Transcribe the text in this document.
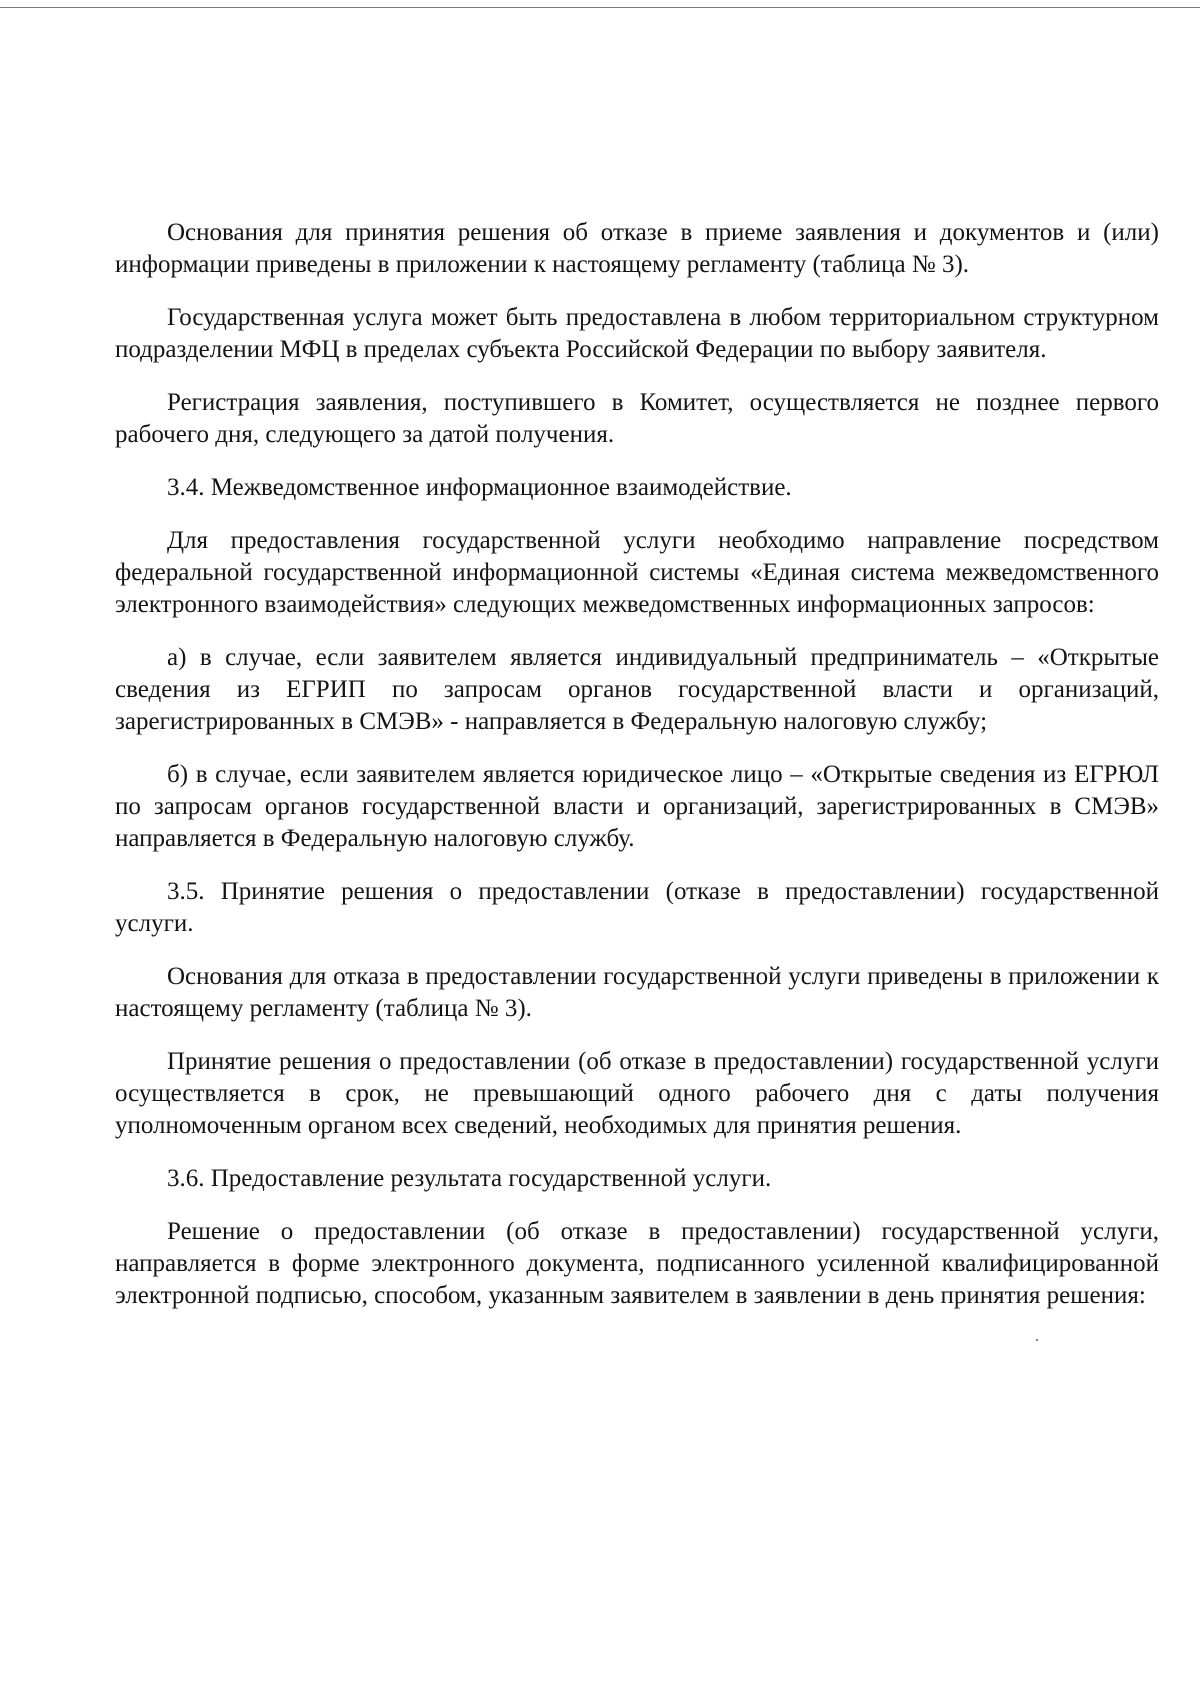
Основания для принятия решения об отказе в приеме заявления и документов и (или) информации приведены в приложении к настоящему регламенту (таблица № 3).

Государственная услуга может быть предоставлена в любом территориальном структурном подразделении МФЦ в пределах субъекта Российской Федерации по выбору заявителя.

Регистрация заявления, поступившего в Комитет, осуществляется не позднее первого рабочего дня, следующего за датой получения.

3.4. Межведомственное информационное взаимодействие.

Для предоставления государственной услуги необходимо направление посредством федеральной государственной информационной системы «Единая система межведомственного электронного взаимодействия» следующих межведомственных информационных запросов:

а) в случае, если заявителем является индивидуальный предприниматель – «Открытые сведения из ЕГРИП по запросам органов государственной власти и организаций, зарегистрированных в СМЭВ» - направляется в Федеральную налоговую службу;

б) в случае, если заявителем является юридическое лицо – «Открытые сведения из ЕГРЮЛ по запросам органов государственной власти и организаций, зарегистрированных в СМЭВ» направляется в Федеральную налоговую службу.

3.5. Принятие решения о предоставлении (отказе в предоставлении) государственной услуги.

Основания для отказа в предоставлении государственной услуги приведены в приложении к настоящему регламенту (таблица № 3).

Принятие решения о предоставлении (об отказе в предоставлении) государственной услуги осуществляется в срок, не превышающий одного рабочего дня с даты получения уполномоченным органом всех сведений, необходимых для принятия решения.

3.6. Предоставление результата государственной услуги.

Решение о предоставлении (об отказе в предоставлении) государственной услуги, направляется в форме электронного документа, подписанного усиленной квалифицированной электронной подписью, способом, указанным заявителем в заявлении в день принятия решения:
